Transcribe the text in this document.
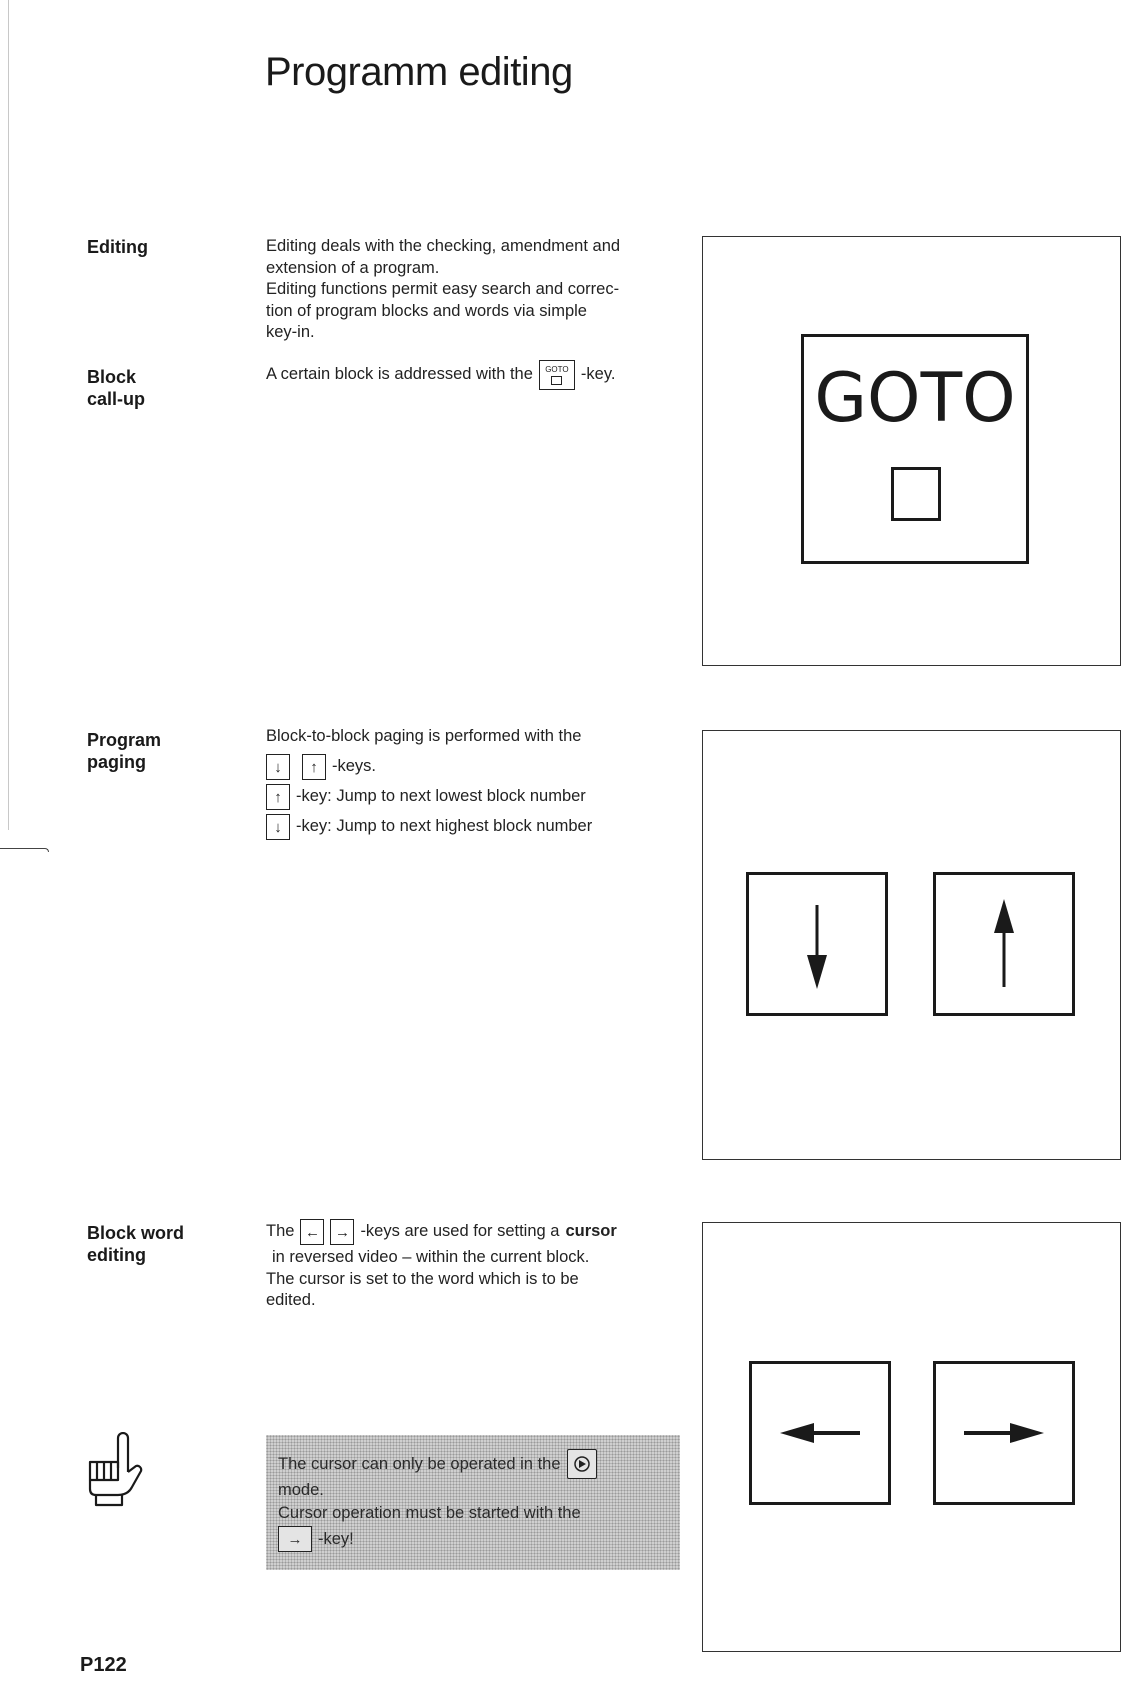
Programm editing
Editing	Editing deals with the checking, amendment and
extension of a program.
Editing functions permit easy search and correc-
tion of program blocks and words via simple
key-in.
Block
call-up
A certain block is addressed with the GOTO -key.	GOTO
Program
paging
Block-to-block paging is performed with the
↓	↑ -keys.
↑ -key: Jump to next lowest block number
↓ -key: Jump to next highest block number
Block word
editing
The ←	→ -keys are used for setting a cursor
in reversed video – within the current block.
The cursor is set to the word which is to be
edited.
The cursor can only be operated in the
mode.
Cursor operation must be started with the
→ -key!
P122
